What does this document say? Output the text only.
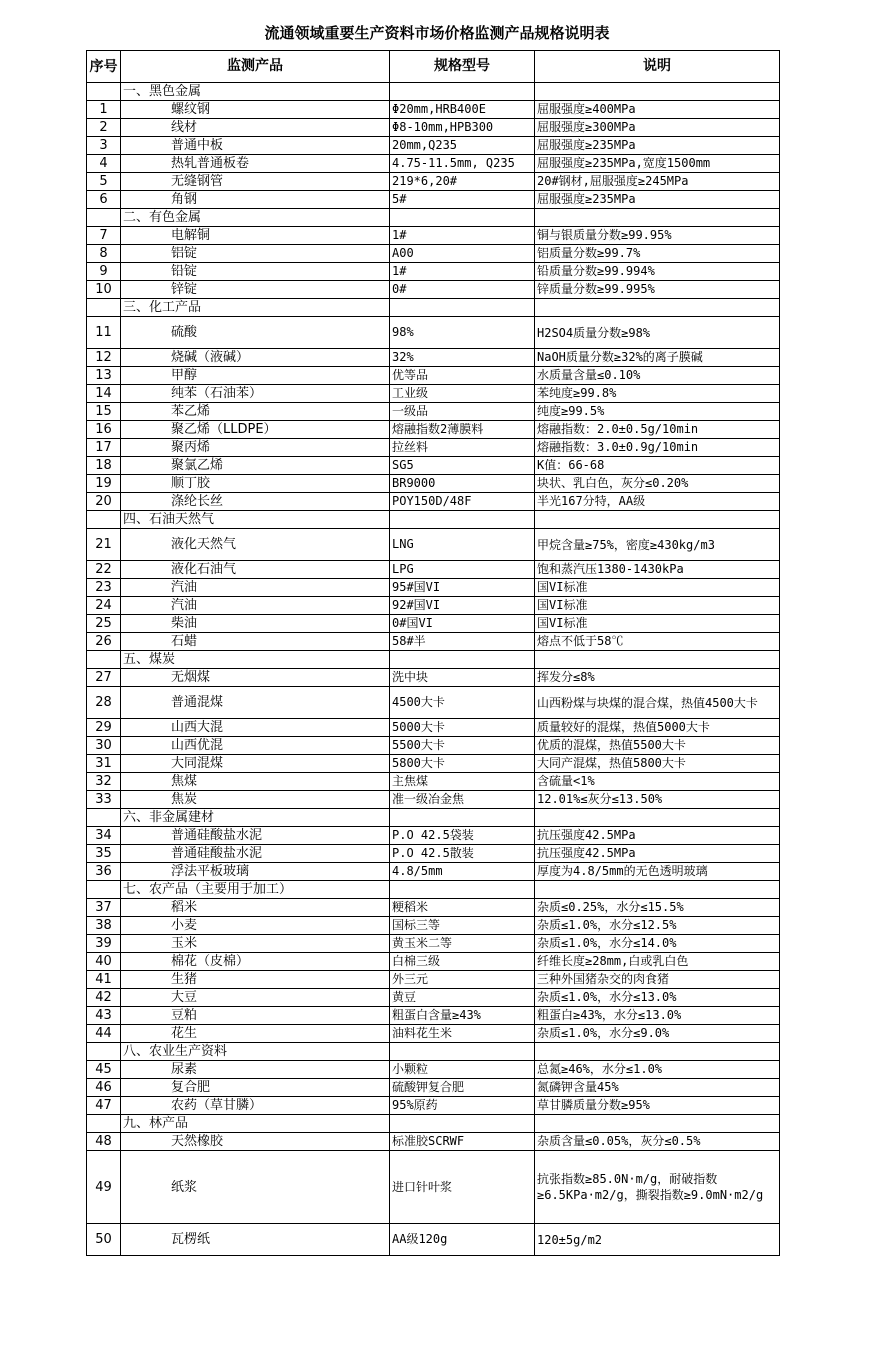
流通领域重要生产资料市场价格监测产品规格说明表
序号	监测产品	规格型号	说明
	一、黑色金属		
1	螺纹钢	Φ20mm,HRB400E	屈服强度≥400MPa
2	线材	Φ8-10mm,HPB300	屈服强度≥300MPa
3	普通中板	20mm,Q235	屈服强度≥235MPa
4	热轧普通板卷	4.75-11.5mm, Q235	屈服强度≥235MPa,宽度1500mm
5	无缝钢管	219*6,20#	20#钢材,屈服强度≥245MPa
6	角钢	5#	屈服强度≥235MPa
	二、有色金属		
7	电解铜	1#	铜与银质量分数≥99.95%
8	铝锭	A00	铝质量分数≥99.7%
9	铅锭	1#	铅质量分数≥99.994%
10	锌锭	0#	锌质量分数≥99.995%
	三、化工产品		
11	硫酸	98%	H2SO4质量分数≥98%
12	烧碱（液碱）	32%	NaOH质量分数≥32%的离子膜碱
13	甲醇	优等品	水质量含量≤0.10%
14	纯苯（石油苯）	工业级	苯纯度≥99.8%
15	苯乙烯	一级品	纯度≥99.5%
16	聚乙烯（LLDPE）	熔融指数2薄膜料	熔融指数：2.0±0.5g/10min
17	聚丙烯	拉丝料	熔融指数：3.0±0.9g/10min
18	聚氯乙烯	SG5	K值：66-68
19	顺丁胶	BR9000	块状、乳白色，灰分≤0.20%
20	涤纶长丝	POY150D/48F	半光167分特，AA级
	四、石油天然气		
21	液化天然气	LNG	甲烷含量≥75%，密度≥430kg/m3
22	液化石油气	LPG	饱和蒸汽压1380-1430kPa
23	汽油	95#国VI	国VI标准
24	汽油	92#国VI	国VI标准
25	柴油	0#国VI	国VI标准
26	石蜡	58#半	熔点不低于58℃
	五、煤炭		
27	无烟煤	洗中块	挥发分≤8%
28	普通混煤	4500大卡	山西粉煤与块煤的混合煤，热值4500大卡
29	山西大混	5000大卡	质量较好的混煤，热值5000大卡
30	山西优混	5500大卡	优质的混煤，热值5500大卡
31	大同混煤	5800大卡	大同产混煤，热值5800大卡
32	焦煤	主焦煤	含硫量<1%
33	焦炭	准一级冶金焦	12.01%≤灰分≤13.50%
	六、非金属建材		
34	普通硅酸盐水泥	P.O 42.5袋装	抗压强度42.5MPa
35	普通硅酸盐水泥	P.O 42.5散装	抗压强度42.5MPa
36	浮法平板玻璃	4.8/5mm	厚度为4.8/5mm的无色透明玻璃
	七、农产品（主要用于加工）		
37	稻米	粳稻米	杂质≤0.25%，水分≤15.5%
38	小麦	国标三等	杂质≤1.0%，水分≤12.5%
39	玉米	黄玉米二等	杂质≤1.0%，水分≤14.0%
40	棉花（皮棉）	白棉三级	纤维长度≥28mm,白或乳白色
41	生猪	外三元	三种外国猪杂交的肉食猪
42	大豆	黄豆	杂质≤1.0%，水分≤13.0%
43	豆粕	粗蛋白含量≥43%	粗蛋白≥43%，水分≤13.0%
44	花生	油料花生米	杂质≤1.0%，水分≤9.0%
	八、农业生产资料		
45	尿素	小颗粒	总氮≥46%，水分≤1.0%
46	复合肥	硫酸钾复合肥	氮磷钾含量45%
47	农药（草甘膦）	95%原药	草甘膦质量分数≥95%
	九、林产品		
48	天然橡胶	标准胶SCRWF	杂质含量≤0.05%，灰分≤0.5%
49	纸浆	进口针叶浆	抗张指数≥85.0N·m/g，耐破指数≥6.5KPa·m2/g，撕裂指数≥9.0mN·m2/g
50	瓦楞纸	AA级120g	120±5g/m2
